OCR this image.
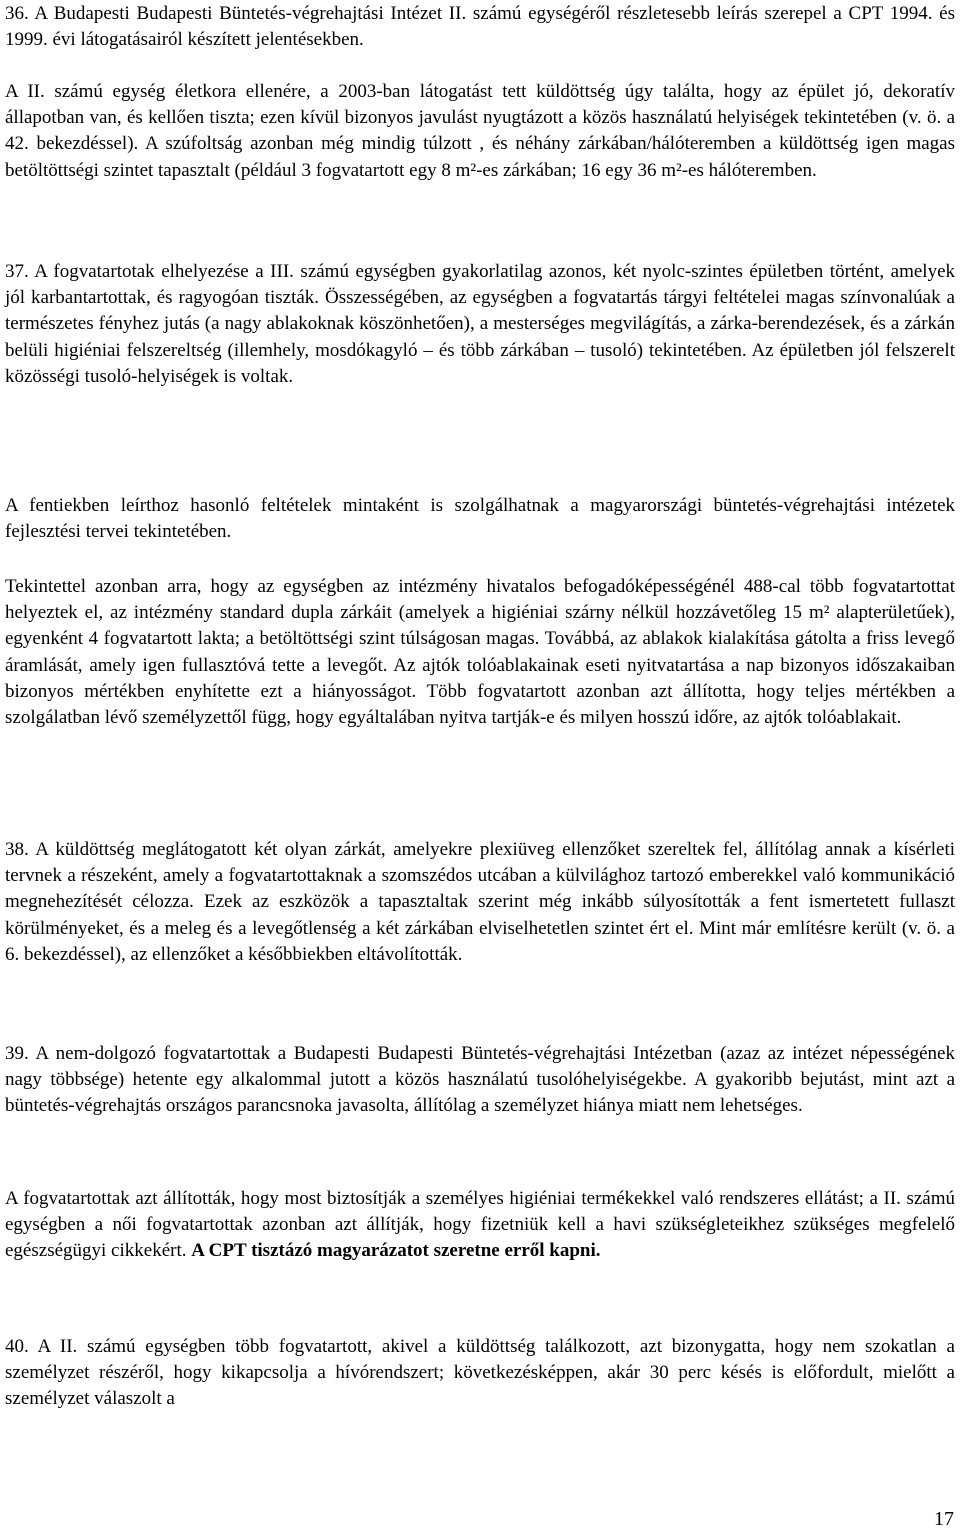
36. A Budapesti Budapesti Büntetés-végrehajtási Intézet II. számú egységéről részletesebb leírás szerepel a CPT 1994. és 1999. évi látogatásairól készített jelentésekben.

A II. számú egység életkora ellenére, a 2003-ban látogatást tett küldöttség úgy találta, hogy az épület jó, dekoratív állapotban van, és kellően tiszta; ezen kívül bizonyos javulást nyugtázott a közös használatú helyiségek tekintetében (v. ö. a 42. bekezdéssel). A szúfoltság azonban még mindig túlzott , és néhány zárkában/hálóteremben a küldöttség igen magas betöltöttségi szintet tapasztalt (például 3 fogvatartott egy 8 m²-es zárkában; 16 egy 36 m²-es hálóteremben.

37. A fogvatartotak elhelyezése a III. számú egységben gyakorlatilag azonos, két nyolc-szintes épületben történt, amelyek jól karbantartottak, és ragyogóan tiszták. Összességében, az egységben a fogvatartás tárgyi feltételei magas színvonalúak a természetes fényhez jutás (a nagy ablakoknak köszönhetően), a mesterséges megvilágítás, a zárka-berendezések, és a zárkán belüli higiéniai felszereltség (illemhely, mosdókagyló – és több zárkában – tusoló) tekintetében. Az épületben jól felszerelt közösségi tusoló-helyiségek is voltak.

A fentiekben leírthoz hasonló feltételek mintaként is szolgálhatnak a magyarországi büntetés-végrehajtási intézetek fejlesztési tervei tekintetében.

Tekintettel azonban arra, hogy az egységben az intézmény hivatalos befogadóképességénél 488-cal több fogvatartottat helyeztek el, az intézmény standard dupla zárkáit (amelyek a higiéniai szárny nélkül hozzávetőleg 15 m² alapterületűek), egyenként 4 fogvatartott lakta; a betöltöttségi szint túlságosan magas. Továbbá, az ablakok kialakítása gátolta a friss levegő áramlását, amely igen fullasztóvá tette a levegőt. Az ajtók tolóablakainak eseti nyitvatartása a nap bizonyos időszakaiban bizonyos mértékben enyhítette ezt a hiányosságot. Több fogvatartott azonban azt állította, hogy teljes mértékben a szolgálatban lévő személyzettől függ, hogy egyáltalában nyitva tartják-e és milyen hosszú időre, az ajtók tolóablakait.

38. A küldöttség meglátogatott két olyan zárkát, amelyekre plexiüveg ellenzőket szereltek fel, állítólag annak a kísérleti tervnek a részeként, amely a fogvatartottaknak a szomszédos utcában a külvilághoz tartozó emberekkel való kommunikáció megnehezítését célozza. Ezek az eszközök a tapasztaltak szerint még inkább súlyosították a fent ismertetett fullaszt körülményeket, és a meleg és a levegőtlenség a két zárkában elviselhetetlen szintet ért el. Mint már említésre került (v. ö. a 6. bekezdéssel), az ellenzőket a későbbiekben eltávolították.

39. A nem-dolgozó fogvatartottak a Budapesti Budapesti Büntetés-végrehajtási Intézetban (azaz az intézet népességének nagy többsége) hetente egy alkalommal jutott a közös használatú tusolóhelyiségekbe. A gyakoribb bejutást, mint azt a büntetés-végrehajtás országos parancsnoka javasolta, állítólag a személyzet hiánya miatt nem lehetséges.

A fogvatartottak azt állították, hogy most biztosítják a személyes higiéniai termékekkel való rendszeres ellátást; a II. számú egységben a női fogvatartottak azonban azt állítják, hogy fizetniük kell a havi szükségleteikhez szükséges megfelelő egészségügyi cikkekért. A CPT tisztázó magyarázatot szeretne erről kapni.

40. A II. számú egységben több fogvatartott, akivel a küldöttség találkozott, azt bizonygatta, hogy nem szokatlan a személyzet részéről, hogy kikapcsolja a hívórendszert; következésképpen, akár 30 perc késés is előfordult, mielőtt a személyzet válaszolt a

17
